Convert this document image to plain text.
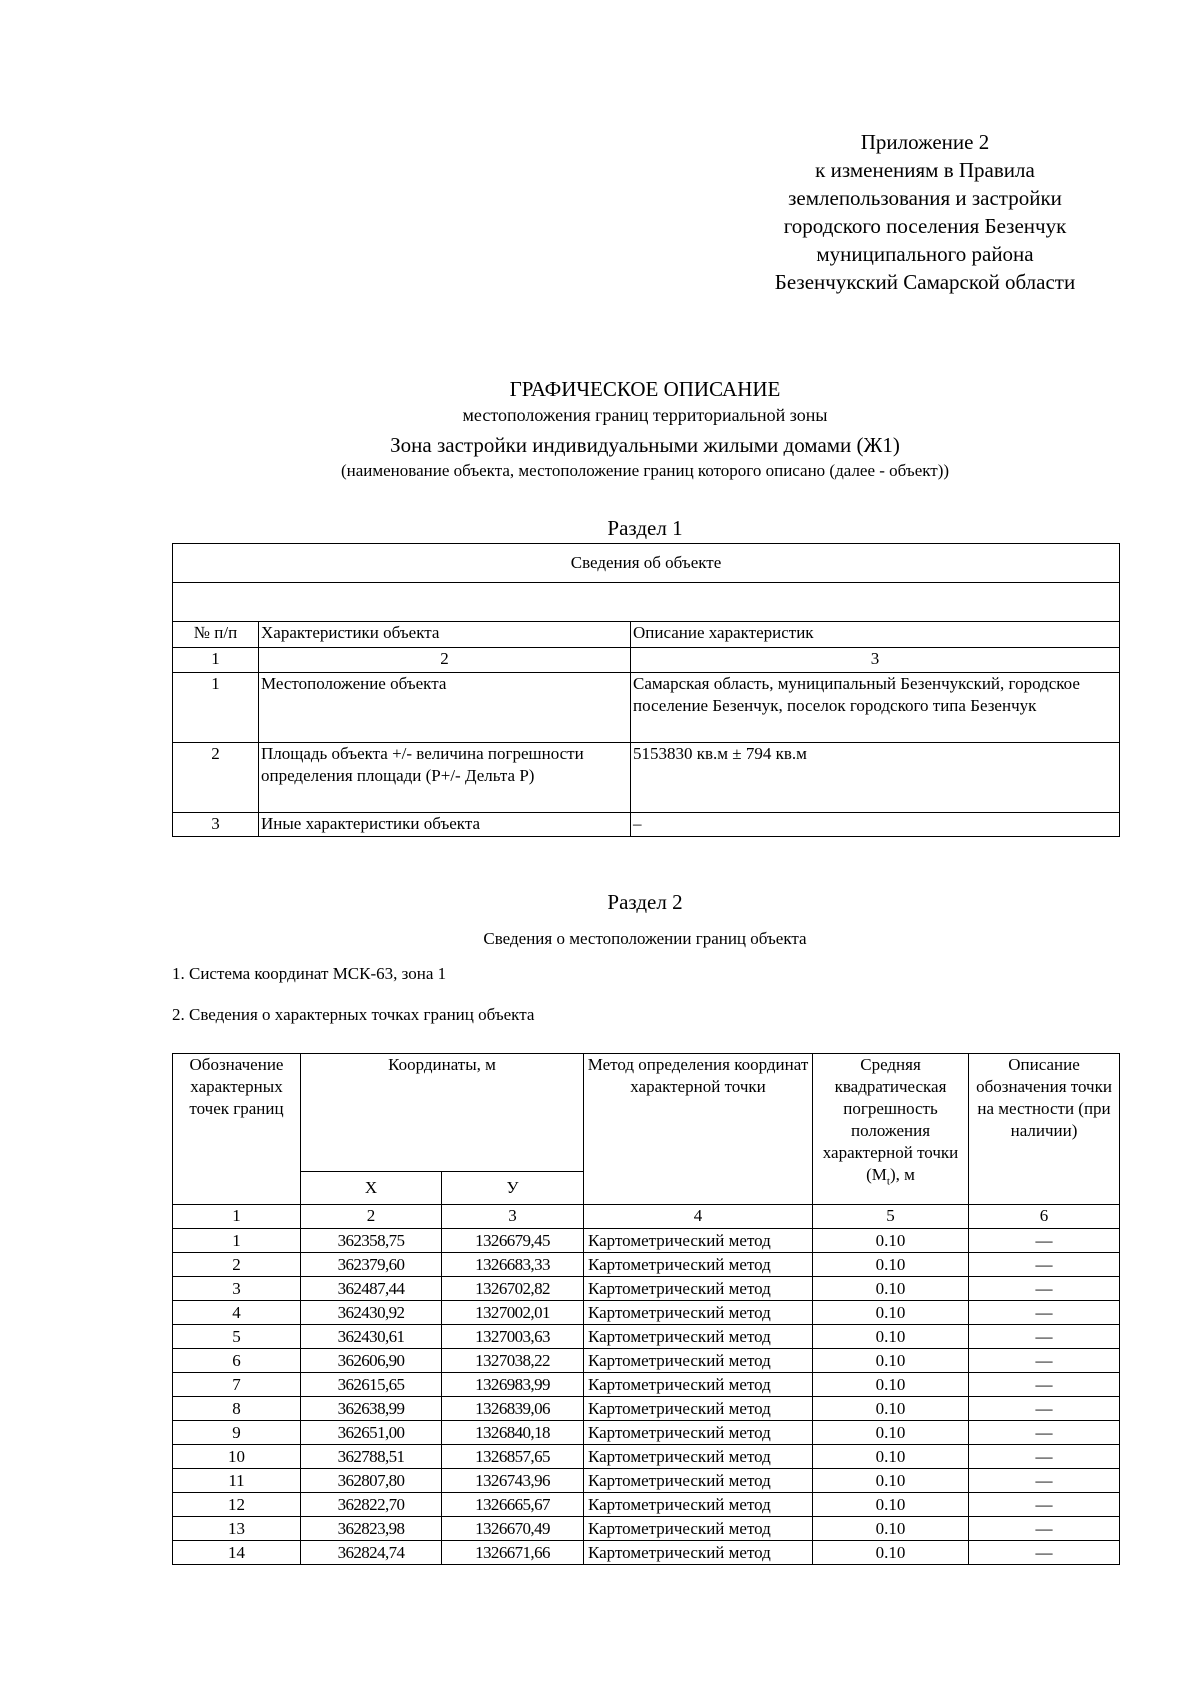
Приложение 2
к изменениям в Правила
землепользования и застройки
городского поселения Безенчук
муниципального района
Безенчукский Самарской области
ГРАФИЧЕСКОЕ ОПИСАНИЕ
местоположения границ территориальной зоны
Зона застройки индивидуальными жилыми домами (Ж1)
(наименование объекта, местоположение границ которого описано (далее - объект))
Раздел 1
Сведения об объекте		

№ п/п	Характеристики объекта	Описание характеристик
1	2	3
1	Местоположение объекта	Самарская область, муниципальный Безенчукский, городское поселение Безенчук, поселок городского типа Безенчук
2	Площадь объекта +/- величина погрешности определения площади (Р+/- Дельта Р)	5153830 кв.м ± 794 кв.м
3	Иные характеристики объекта	–
Раздел 2
Сведения о местоположении границ объекта
1. Система координат МСК-63, зона 1
2. Сведения о характерных точках границ объекта
Обозначение характерных точек границ	Координаты, м		Метод определения координат характерной точки	Средняя квадратическая погрешность положения характерной точки $(М_t)$, м	Описание обозначения точки на местности (при наличии)
	X	У			
1	2	3	4	5	6
1	362358,75	1326679,45	Картометрический метод	0.10	—
2	362379,60	1326683,33	Картометрический метод	0.10	—
3	362487,44	1326702,82	Картометрический метод	0.10	—
4	362430,92	1327002,01	Картометрический метод	0.10	—
5	362430,61	1327003,63	Картометрический метод	0.10	—
6	362606,90	1327038,22	Картометрический метод	0.10	—
7	362615,65	1326983,99	Картометрический метод	0.10	—
8	362638,99	1326839,06	Картометрический метод	0.10	—
9	362651,00	1326840,18	Картометрический метод	0.10	—
10	362788,51	1326857,65	Картометрический метод	0.10	—
11	362807,80	1326743,96	Картометрический метод	0.10	—
12	362822,70	1326665,67	Картометрический метод	0.10	—
13	362823,98	1326670,49	Картометрический метод	0.10	—
14	362824,74	1326671,66	Картометрический метод	0.10	—
